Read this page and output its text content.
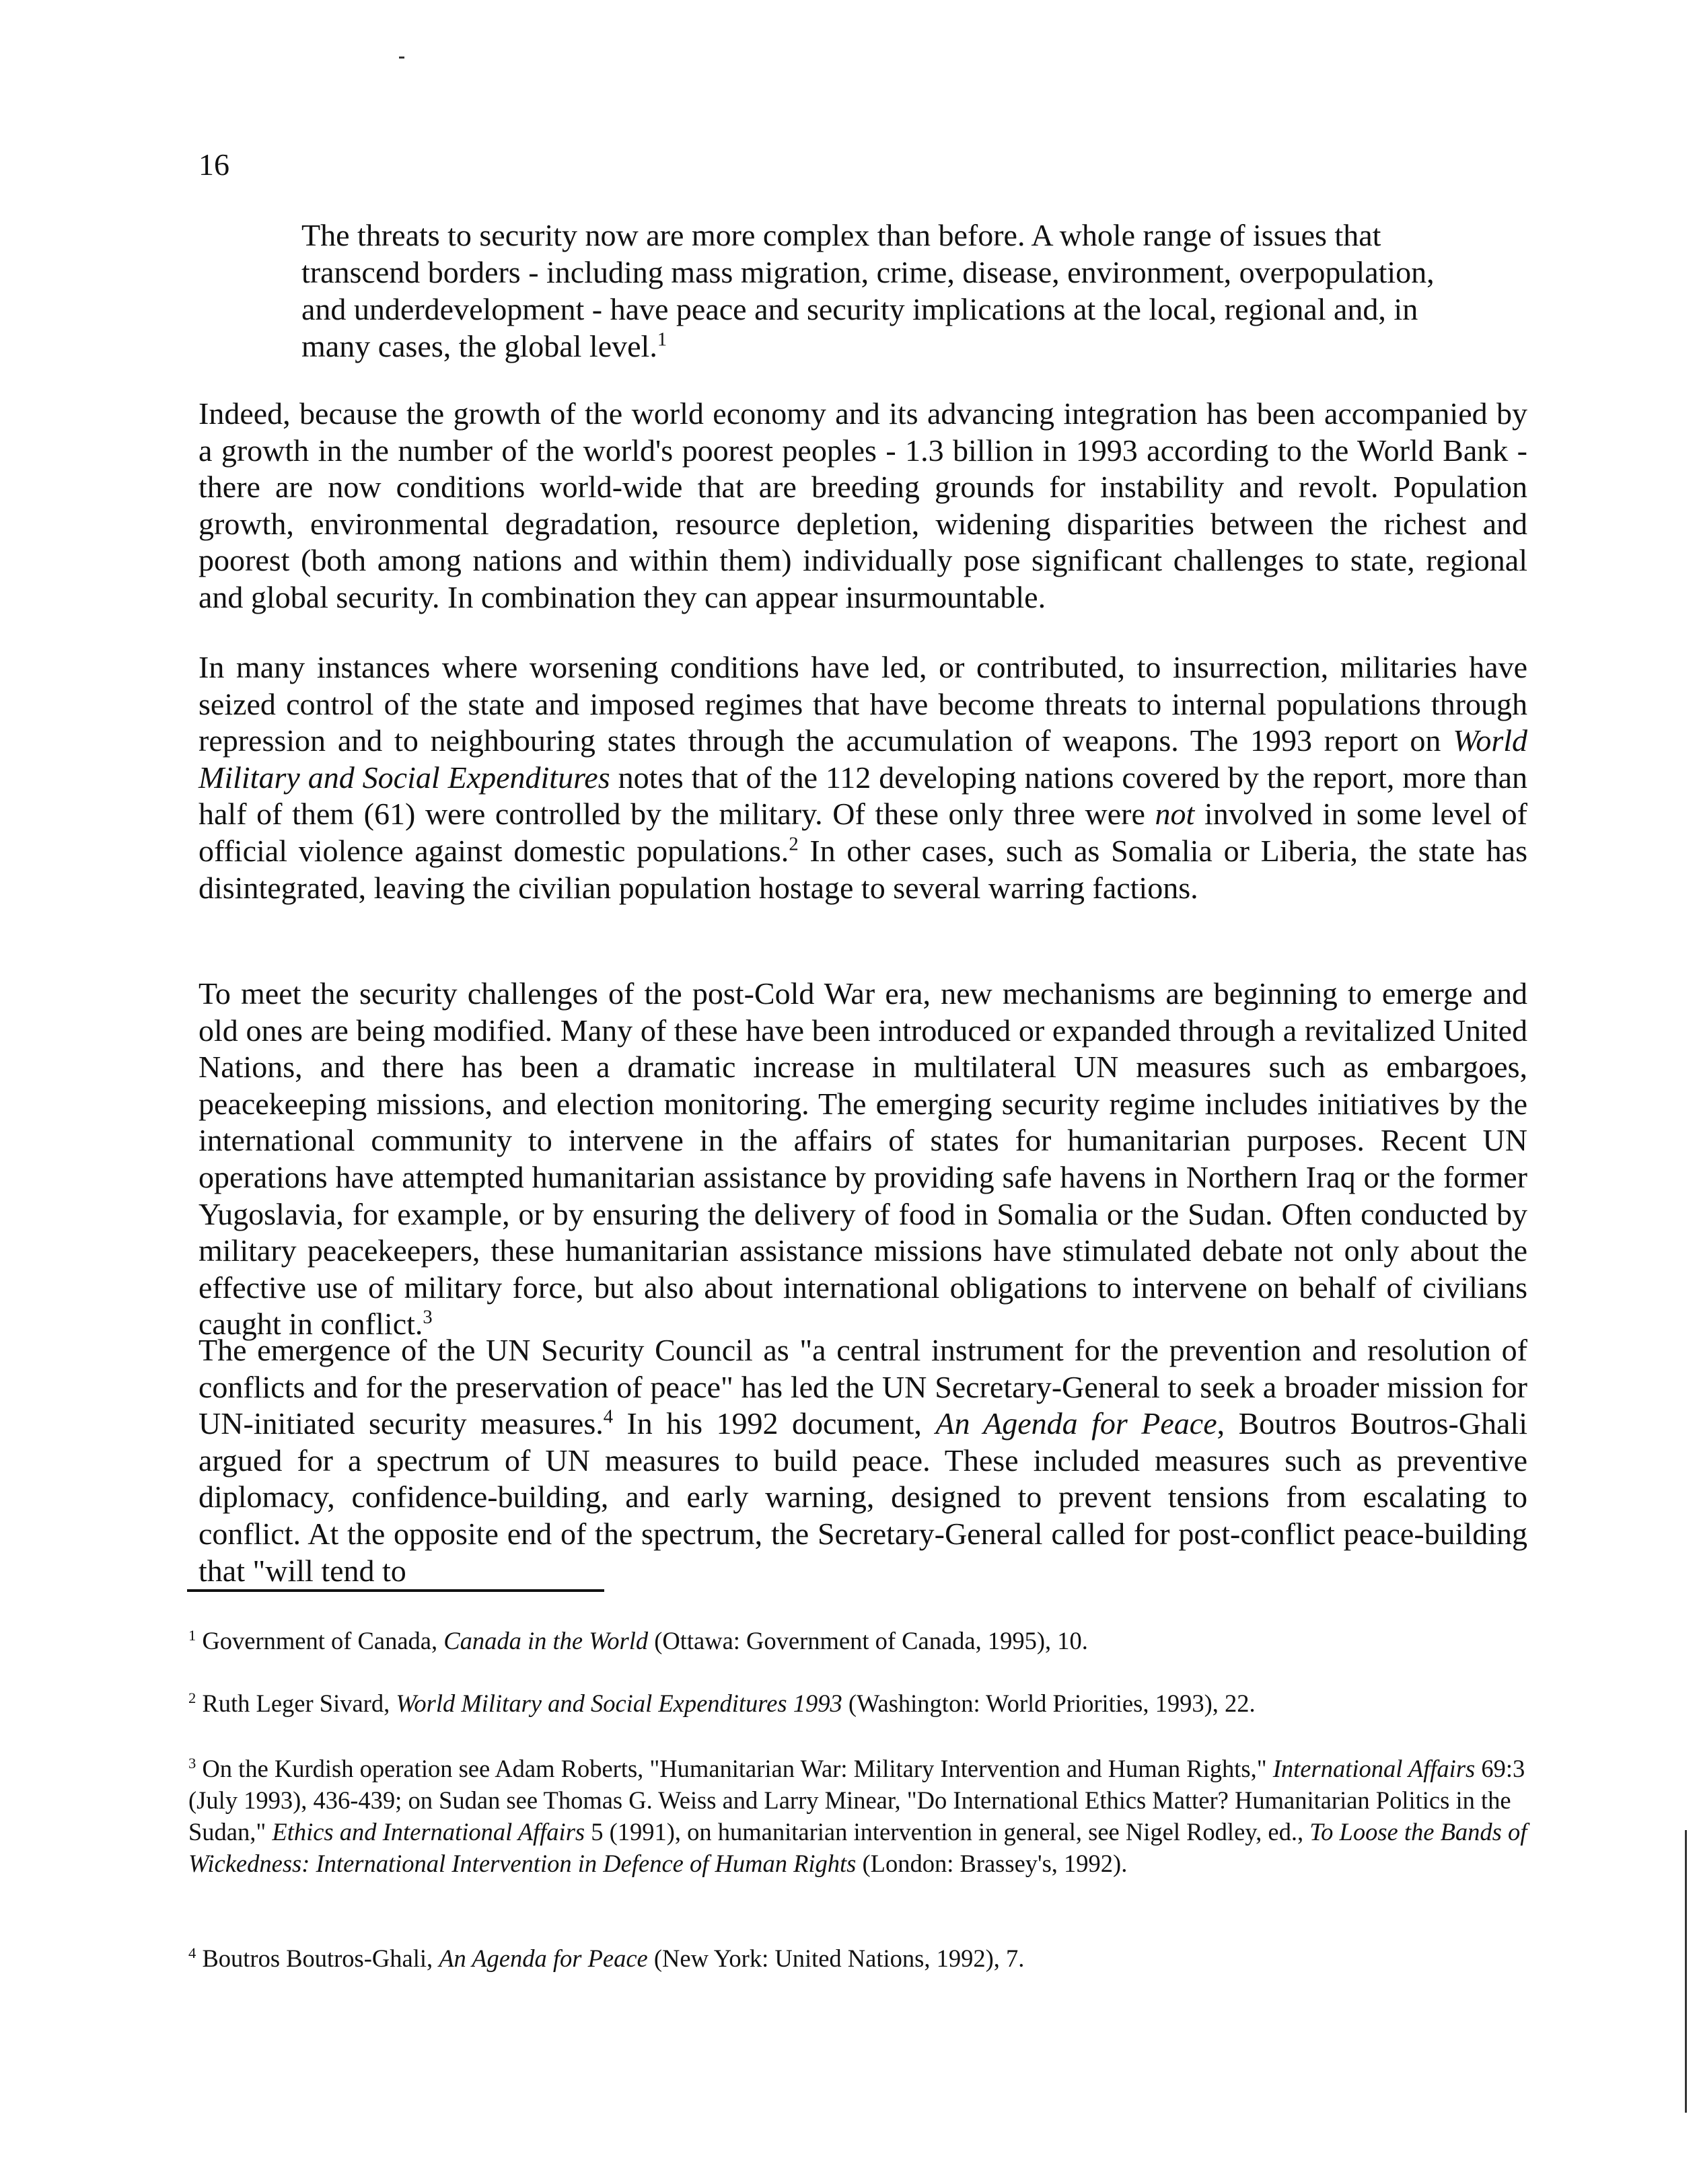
16
The threats to security now are more complex than before. A whole range of issues that transcend borders - including mass migration, crime, disease, environment, overpopulation, and underdevelopment - have peace and security implications at the local, regional and, in many cases, the global level.$^1$

Indeed, because the growth of the world economy and its advancing integration has been accompanied by a growth in the number of the world's poorest peoples - 1.3 billion in 1993 according to the World Bank - there are now conditions world-wide that are breeding grounds for instability and revolt. Population growth, environmental degradation, resource depletion, widening disparities between the richest and poorest (both among nations and within them) individually pose significant challenges to state, regional and global security. In combination they can appear insurmountable.

In many instances where worsening conditions have led, or contributed, to insurrection, militaries have seized control of the state and imposed regimes that have become threats to internal populations through repression and to neighbouring states through the accumulation of weapons. The 1993 report on World Military and Social Expenditures notes that of the 112 developing nations covered by the report, more than half of them (61) were controlled by the military. Of these only three were not involved in some level of official violence against domestic populations.$^2$ In other cases, such as Somalia or Liberia, the state has disintegrated, leaving the civilian population hostage to several warring factions.

To meet the security challenges of the post-Cold War era, new mechanisms are beginning to emerge and old ones are being modified. Many of these have been introduced or expanded through a revitalized United Nations, and there has been a dramatic increase in multilateral UN measures such as embargoes, peacekeeping missions, and election monitoring. The emerging security regime includes initiatives by the international community to intervene in the affairs of states for humanitarian purposes. Recent UN operations have attempted humanitarian assistance by providing safe havens in Northern Iraq or the former Yugoslavia, for example, or by ensuring the delivery of food in Somalia or the Sudan. Often conducted by military peacekeepers, these humanitarian assistance missions have stimulated debate not only about the effective use of military force, but also about international obligations to intervene on behalf of civilians caught in conflict.$^3$

The emergence of the UN Security Council as "a central instrument for the prevention and resolution of conflicts and for the preservation of peace" has led the UN Secretary-General to seek a broader mission for UN-initiated security measures.$^4$ In his 1992 document, An Agenda for Peace, Boutros Boutros-Ghali argued for a spectrum of UN measures to build peace. These included measures such as preventive diplomacy, confidence-building, and early warning, designed to prevent tensions from escalating to conflict. At the opposite end of the spectrum, the Secretary-General called for post-conflict peace-building that "will tend to

$^1$ Government of Canada, Canada in the World (Ottawa: Government of Canada, 1995), 10.
$^2$ Ruth Leger Sivard, World Military and Social Expenditures 1993 (Washington: World Priorities, 1993), 22.
$^3$ On the Kurdish operation see Adam Roberts, "Humanitarian War: Military Intervention and Human Rights," International Affairs 69:3 (July 1993), 436-439; on Sudan see Thomas G. Weiss and Larry Minear, "Do International Ethics Matter? Humanitarian Politics in the Sudan," Ethics and International Affairs 5 (1991), on humanitarian intervention in general, see Nigel Rodley, ed., To Loose the Bands of Wickedness: International Intervention in Defence of Human Rights (London: Brassey's, 1992).
$^4$ Boutros Boutros-Ghali, An Agenda for Peace (New York: United Nations, 1992), 7.
